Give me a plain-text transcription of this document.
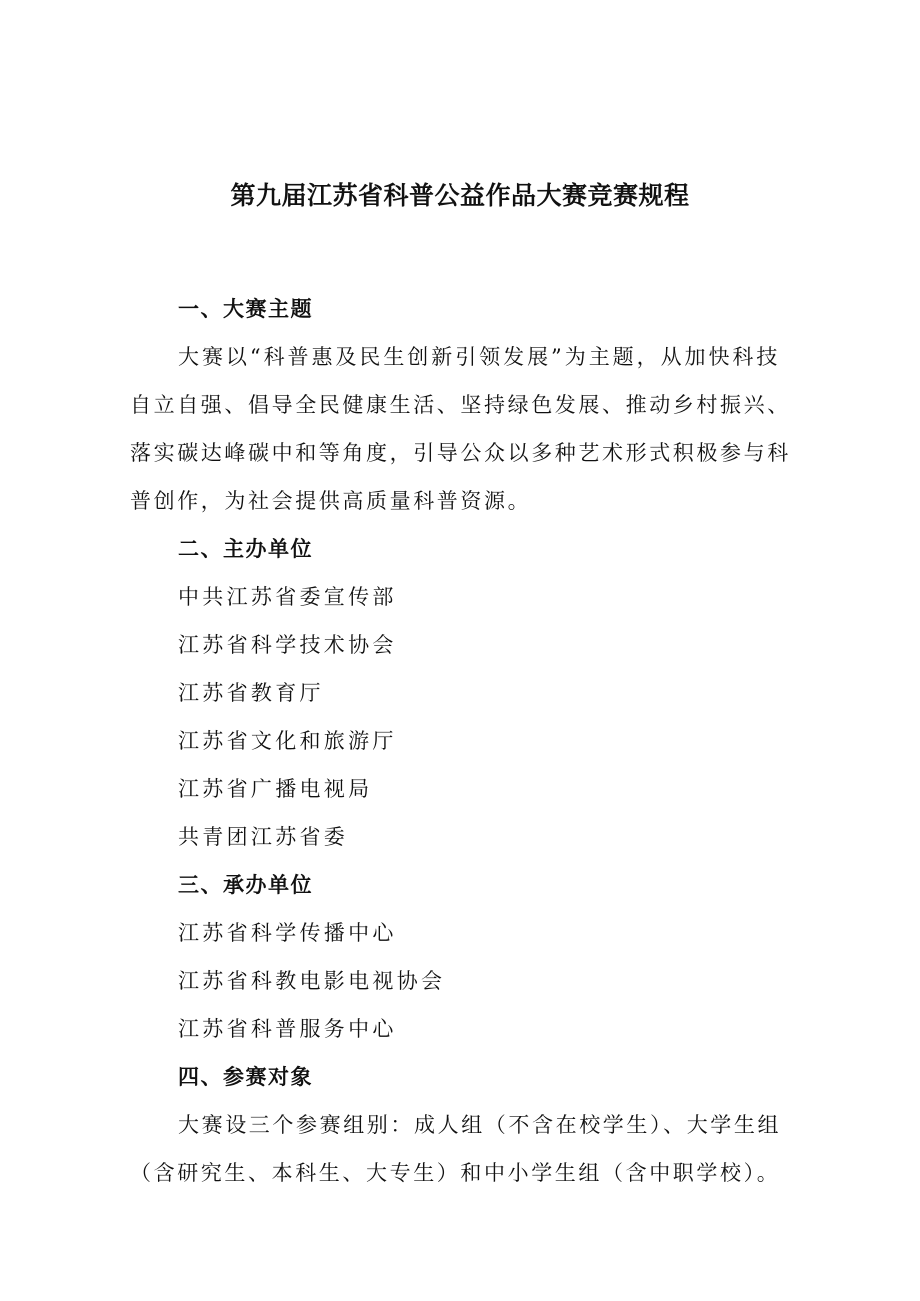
第九届江苏省科普公益作品大赛竞赛规程
一、大赛主题
大赛以“科普惠及民生创新引领发展”为主题，从加快科技
自立自强、倡导全民健康生活、坚持绿色发展、推动乡村振兴、
落实碳达峰碳中和等角度，引导公众以多种艺术形式积极参与科
普创作，为社会提供高质量科普资源。
二、主办单位
中共江苏省委宣传部
江苏省科学技术协会
江苏省教育厅
江苏省文化和旅游厅
江苏省广播电视局
共青团江苏省委
三、承办单位
江苏省科学传播中心
江苏省科教电影电视协会
江苏省科普服务中心
四、参赛对象
大赛设三个参赛组别：成人组（不含在校学生）、大学生组
（含研究生、本科生、大专生）和中小学生组（含中职学校）。
